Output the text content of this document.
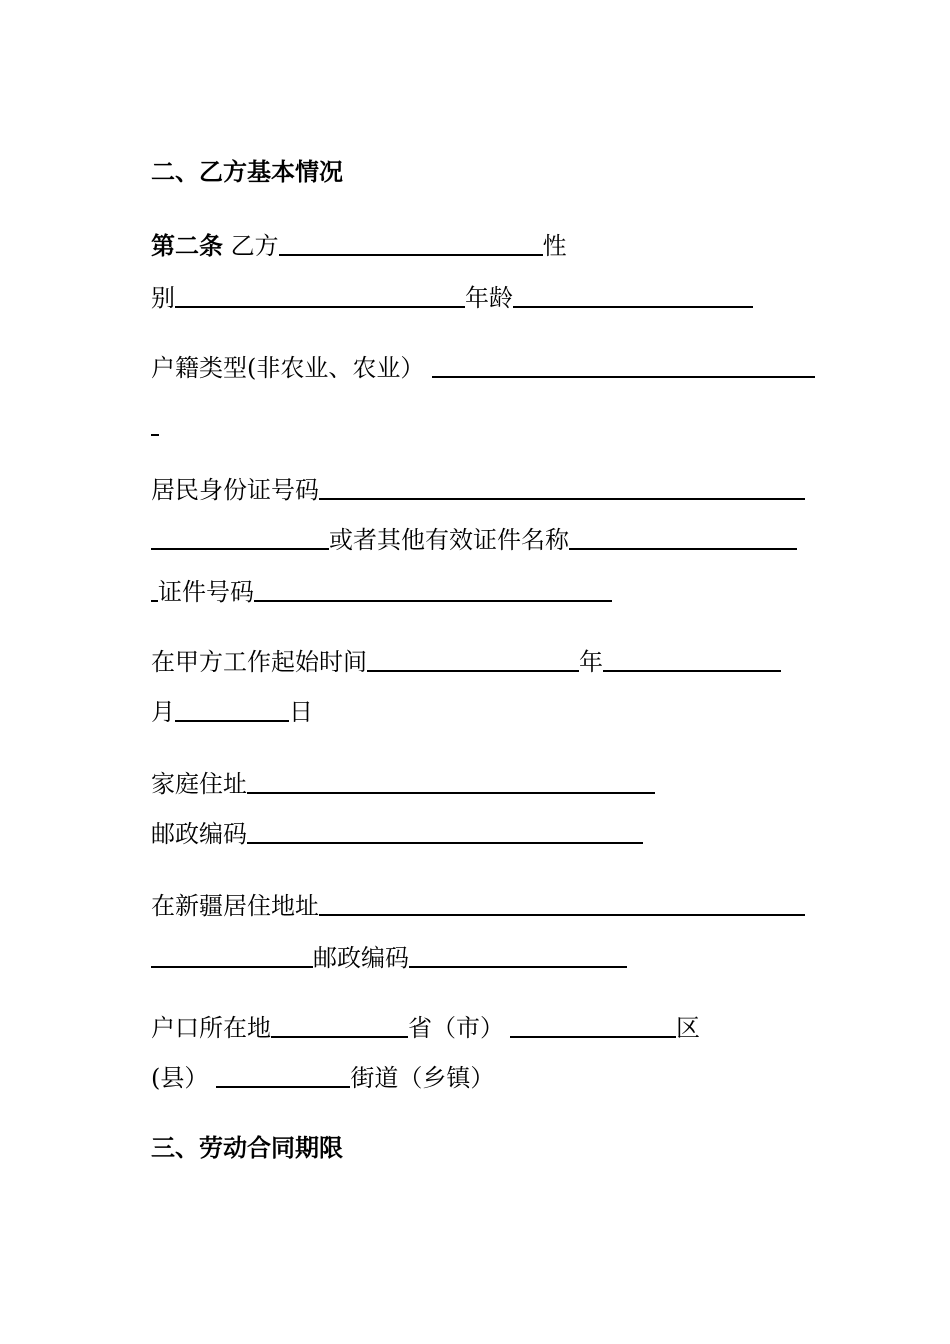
二、乙方基本情况
第二条 乙方	性
别	年龄
户籍类型(非农业、农业）
居民身份证号码
或者其他有效证件名称
证件号码
在甲方工作起始时间	年
月	日
家庭住址
邮政编码
在新疆居住地址
邮政编码
户口所在地	省（市）	区
(县）	街道（乡镇）
三、劳动合同期限
